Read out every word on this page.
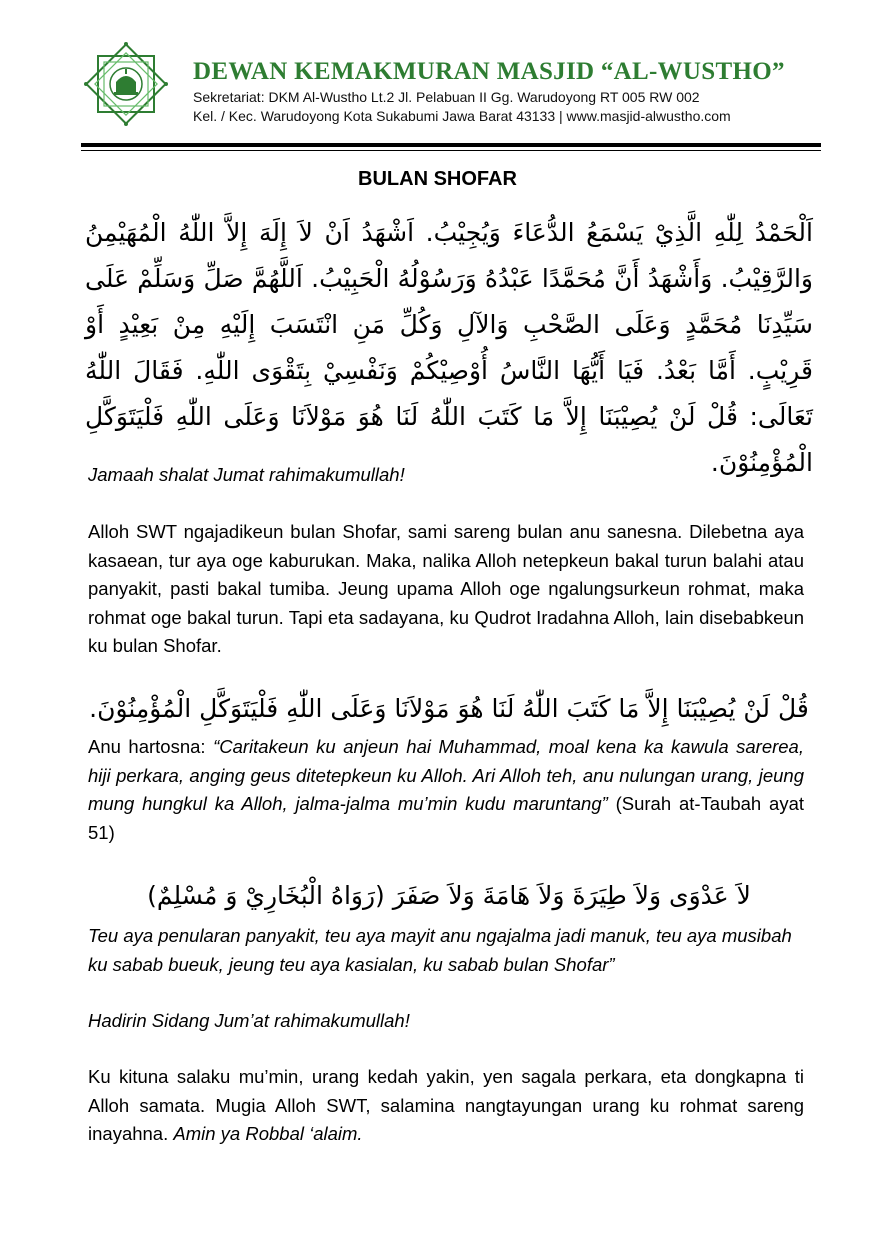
DEWAN KEMAKMURAN MASJID “AL-WUSTHO”
Sekretariat: DKM Al-Wustho Lt.2 Jl. Pelabuan II Gg. Warudoyong RT 005 RW 002
Kel. / Kec. Warudoyong Kota Sukabumi Jawa Barat 43133 | www.masjid-alwustho.com
BULAN SHOFAR
اَلْحَمْدُ لِلّٰهِ الَّذِيْ يَسْمَعُ الدُّعَاءَ وَيُجِيْبُ. اَشْهَدُ اَنْ لاَ إِلَهَ إِلاَّ اللّٰهُ الْمُهَيْمِنُ وَالرَّقِيْبُ. وَأَشْهَدُ أَنَّ مُحَمَّدًا عَبْدُهُ وَرَسُوْلُهُ الْحَبِيْبُ. اَللَّهُمَّ صَلِّ وَسَلِّمْ عَلَى سَيِّدِنَا مُحَمَّدٍ وَعَلَى الصَّحْبِ وَالآلِ وَكُلِّ مَنِ انْتَسَبَ إِلَيْهِ مِنْ بَعِيْدٍ أَوْ قَرِيْبٍ. أَمَّا بَعْدُ. فَيَا أَيُّهَا النَّاسُ أُوْصِيْكُمْ وَنَفْسِيْ بِتَقْوَى اللّٰهِ. فَقَالَ اللّٰهُ تَعَالَى: قُلْ لَنْ يُصِيْبَنَا إِلاَّ مَا كَتَبَ اللّٰهُ لَنَا هُوَ مَوْلاَنَا وَعَلَى اللّٰهِ فَلْيَتَوَكَّلِ الْمُؤْمِنُوْنَ.
Jamaah shalat Jumat rahimakumullah!
Alloh SWT ngajadikeun bulan Shofar, sami sareng bulan anu sanesna. Dilebetna aya kasaean, tur aya oge kaburukan. Maka, nalika Alloh netepkeun bakal turun balahi atau panyakit, pasti bakal tumiba. Jeung upama Alloh oge ngalungsurkeun rohmat, maka rohmat oge bakal turun. Tapi eta sadayana, ku Qudrot Iradahna Alloh, lain disebabkeun ku bulan Shofar.
قُلْ لَنْ يُصِيْبَنَا إِلاَّ مَا كَتَبَ اللّٰهُ لَنَا هُوَ مَوْلاَنَا وَعَلَى اللّٰهِ فَلْيَتَوَكَّلِ الْمُؤْمِنُوْنَ.
Anu hartosna: “Caritakeun ku anjeun hai Muhammad, moal kena ka kawula sarerea, hiji perkara, anging geus ditetepkeun ku Alloh. Ari Alloh teh, anu nulungan urang, jeung mung hungkul ka Alloh, jalma-jalma mu’min kudu maruntang” (Surah at-Taubah ayat 51)
لاَ عَدْوَى وَلاَ طِيَرَةَ وَلاَ هَامَةَ وَلاَ صَفَرَ (رَوَاهُ الْبُخَارِيْ وَ مُسْلِمٌ)
Teu aya penularan panyakit, teu aya mayit anu ngajalma jadi manuk, teu aya musibah ku sabab bueuk, jeung teu aya kasialan, ku sabab bulan Shofar”
Hadirin Sidang Jum’at rahimakumullah!
Ku kituna salaku mu’min, urang kedah yakin, yen sagala perkara, eta dongkapna ti Alloh samata. Mugia Alloh SWT, salamina nangtayungan urang ku rohmat sareng inayahna. Amin ya Robbal ‘alaim.
